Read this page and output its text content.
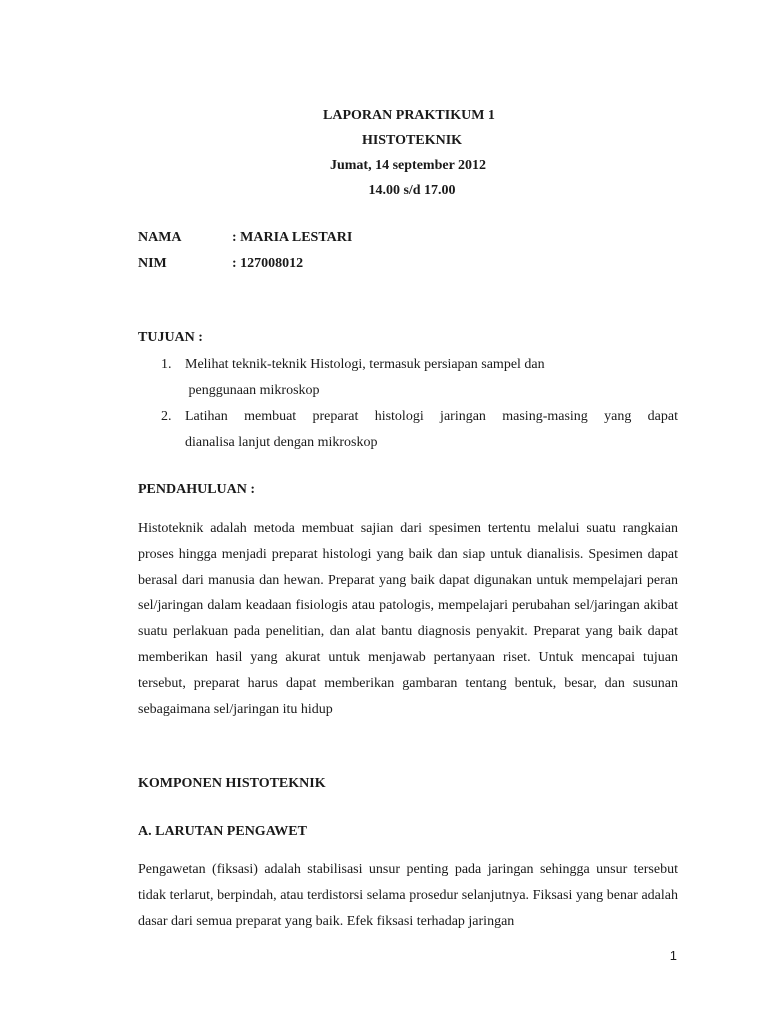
LAPORAN PRAKTIKUM 1
HISTOTEKNIK
Jumat, 14 september 2012
14.00 s/d 17.00
NAMA	: MARIA LESTARI
NIM	: 127008012
TUJUAN :
1. Melihat teknik-teknik Histologi, termasuk persiapan sampel dan
penggunaan mikroskop
2. Latihan membuat preparat histologi jaringan masing-masing yang dapat
dianalisa lanjut dengan mikroskop
PENDAHULUAN :
Histoteknik adalah metoda membuat sajian dari spesimen tertentu melalui suatu rangkaian proses hingga menjadi preparat histologi yang baik dan siap untuk dianalisis. Spesimen dapat berasal dari manusia dan hewan. Preparat yang baik dapat digunakan untuk mempelajari peran sel/jaringan dalam keadaan fisiologis atau patologis, mempelajari perubahan sel/jaringan akibat suatu perlakuan pada penelitian, dan alat bantu diagnosis penyakit. Preparat yang baik dapat memberikan hasil yang akurat untuk menjawab pertanyaan riset. Untuk mencapai tujuan tersebut, preparat harus dapat memberikan gambaran tentang bentuk, besar, dan susunan sebagaimana sel/jaringan itu hidup
KOMPONEN HISTOTEKNIK
A. LARUTAN PENGAWET
Pengawetan (fiksasi) adalah stabilisasi unsur penting pada jaringan sehingga unsur tersebut tidak terlarut, berpindah, atau terdistorsi selama prosedur selanjutnya. Fiksasi yang benar adalah dasar dari semua preparat yang baik. Efek fiksasi terhadap jaringan
1
